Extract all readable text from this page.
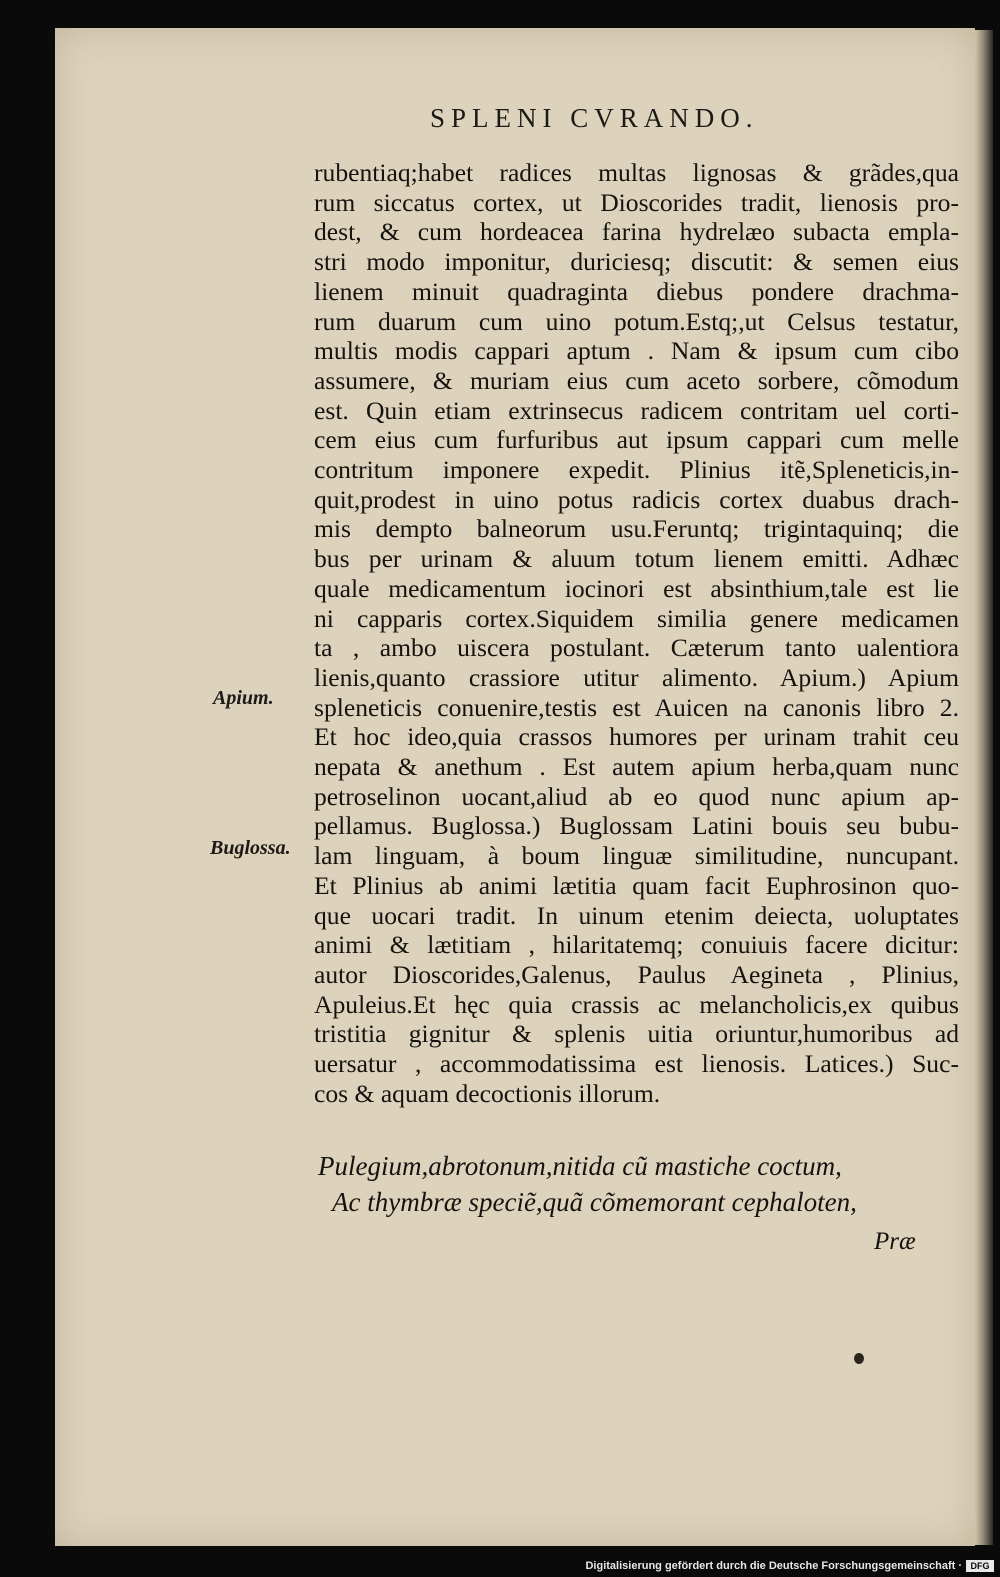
SPLENI CVRANDO.
rubentiaq;habet radices multas lignosas & grãdes,qua
rum siccatus cortex, ut Dioscorides tradit, lienosis pro-
dest, & cum hordeacea farina hydrelæo subacta empla-
stri modo imponitur, duriciesq; discutit: & semen eius
lienem minuit quadraginta diebus pondere drachma-
rum duarum cum uino potum.Estq;,ut Celsus testatur,
multis modis cappari aptum . Nam & ipsum cum cibo
assumere, & muriam eius cum aceto sorbere, cõmodum
est. Quin etiam extrinsecus radicem contritam uel corti-
cem eius cum furfuribus aut ipsum cappari cum melle
contritum imponere expedit. Plinius itẽ,Spleneticis,in-
quit,prodest in uino potus radicis cortex duabus drach-
mis dempto balneorum usu.Feruntq; trigintaquinq; die
bus per urinam & aluum totum lienem emitti. Adhæc
quale medicamentum iocinori est absinthium,tale est lie
ni capparis cortex.Siquidem similia genere medicamen
ta , ambo uiscera postulant. Cæterum tanto ualentiora
lienis,quanto crassiore utitur alimento. Apium.) Apium
spleneticis conuenire,testis est Auicen na canonis libro 2.
Et hoc ideo,quia crassos humores per urinam trahit ceu
nepata & anethum . Est autem apium herba,quam nunc
petroselinon uocant,aliud ab eo quod nunc apium ap-
pellamus. Buglossa.) Buglossam Latini bouis seu bubu-
lam linguam, à boum linguæ similitudine, nuncupant.
Et Plinius ab animi lætitia quam facit Euphrosinon quo-
que uocari tradit. In uinum etenim deiecta, uoluptates
animi & lætitiam , hilaritatemq; conuiuis facere dicitur:
autor Dioscorides,Galenus, Paulus Aegineta , Plinius,
Apuleius.Et hęc quia crassis ac melancholicis,ex quibus
tristitia gignitur & splenis uitia oriuntur,humoribus ad
uersatur , accommodatissima est lienosis. Latices.) Suc-
cos & aquam decoctionis illorum.
Apium.
Buglossa.
Pulegium,abrotonum,nitida cũ mastiche coctum,
Ac thymbræ speciẽ,quã cõmemorant cephaloten,
Præ
Digitalisierung gefördert durch die Deutsche Forschungsgemeinschaft · DFG
